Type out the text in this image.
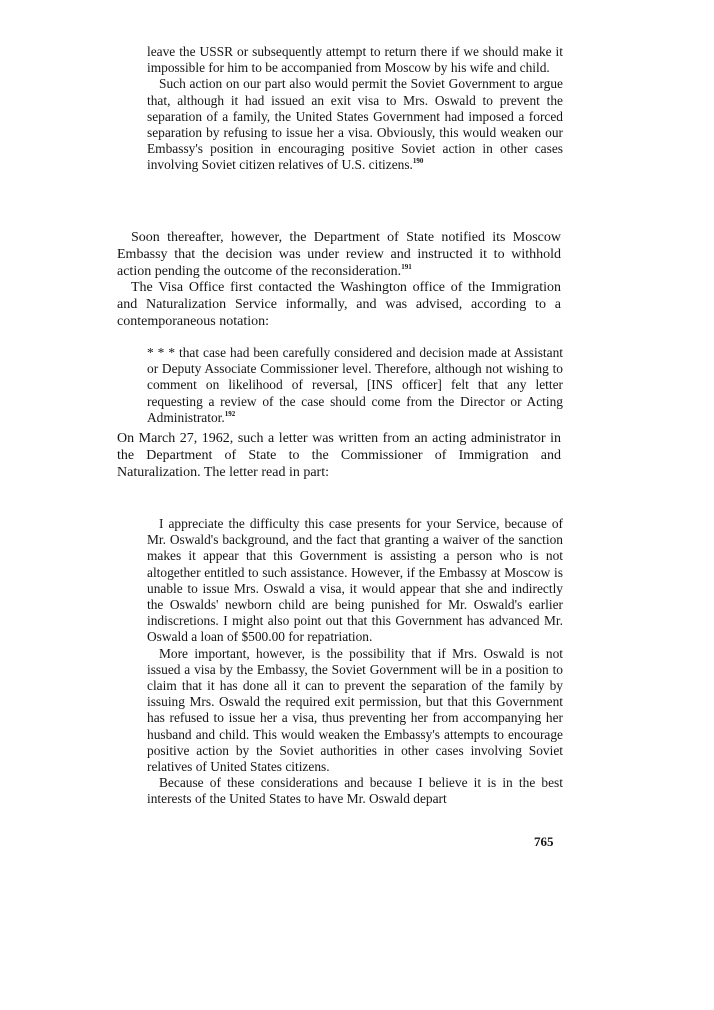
leave the USSR or subsequently attempt to return there if we should make it impossible for him to be accompanied from Moscow by his wife and child.
Such action on our part also would permit the Soviet Government to argue that, although it had issued an exit visa to Mrs. Oswald to prevent the separation of a family, the United States Government had imposed a forced separation by refusing to issue her a visa. Obviously, this would weaken our Embassy's position in encouraging positive Soviet action in other cases involving Soviet citizen relatives of U.S. citizens.$^{190}$
Soon thereafter, however, the Department of State notified its Moscow Embassy that the decision was under review and instructed it to withhold action pending the outcome of the reconsideration.$^{191}$
The Visa Office first contacted the Washington office of the Immigration and Naturalization Service informally, and was advised, according to a contemporaneous notation:
* * * that case had been carefully considered and decision made at Assistant or Deputy Associate Commissioner level. Therefore, although not wishing to comment on likelihood of reversal, [INS officer] felt that any letter requesting a review of the case should come from the Director or Acting Administrator.$^{192}$
On March 27, 1962, such a letter was written from an acting administrator in the Department of State to the Commissioner of Immigration and Naturalization. The letter read in part:
I appreciate the difficulty this case presents for your Service, because of Mr. Oswald's background, and the fact that granting a waiver of the sanction makes it appear that this Government is assisting a person who is not altogether entitled to such assistance. However, if the Embassy at Moscow is unable to issue Mrs. Oswald a visa, it would appear that she and indirectly the Oswalds' newborn child are being punished for Mr. Oswald's earlier indiscretions. I might also point out that this Government has advanced Mr. Oswald a loan of $500.00 for repatriation.
More important, however, is the possibility that if Mrs. Oswald is not issued a visa by the Embassy, the Soviet Government will be in a position to claim that it has done all it can to prevent the separation of the family by issuing Mrs. Oswald the required exit permission, but that this Government has refused to issue her a visa, thus preventing her from accompanying her husband and child. This would weaken the Embassy's attempts to encourage positive action by the Soviet authorities in other cases involving Soviet relatives of United States citizens.
Because of these considerations and because I believe it is in the best interests of the United States to have Mr. Oswald depart

765
